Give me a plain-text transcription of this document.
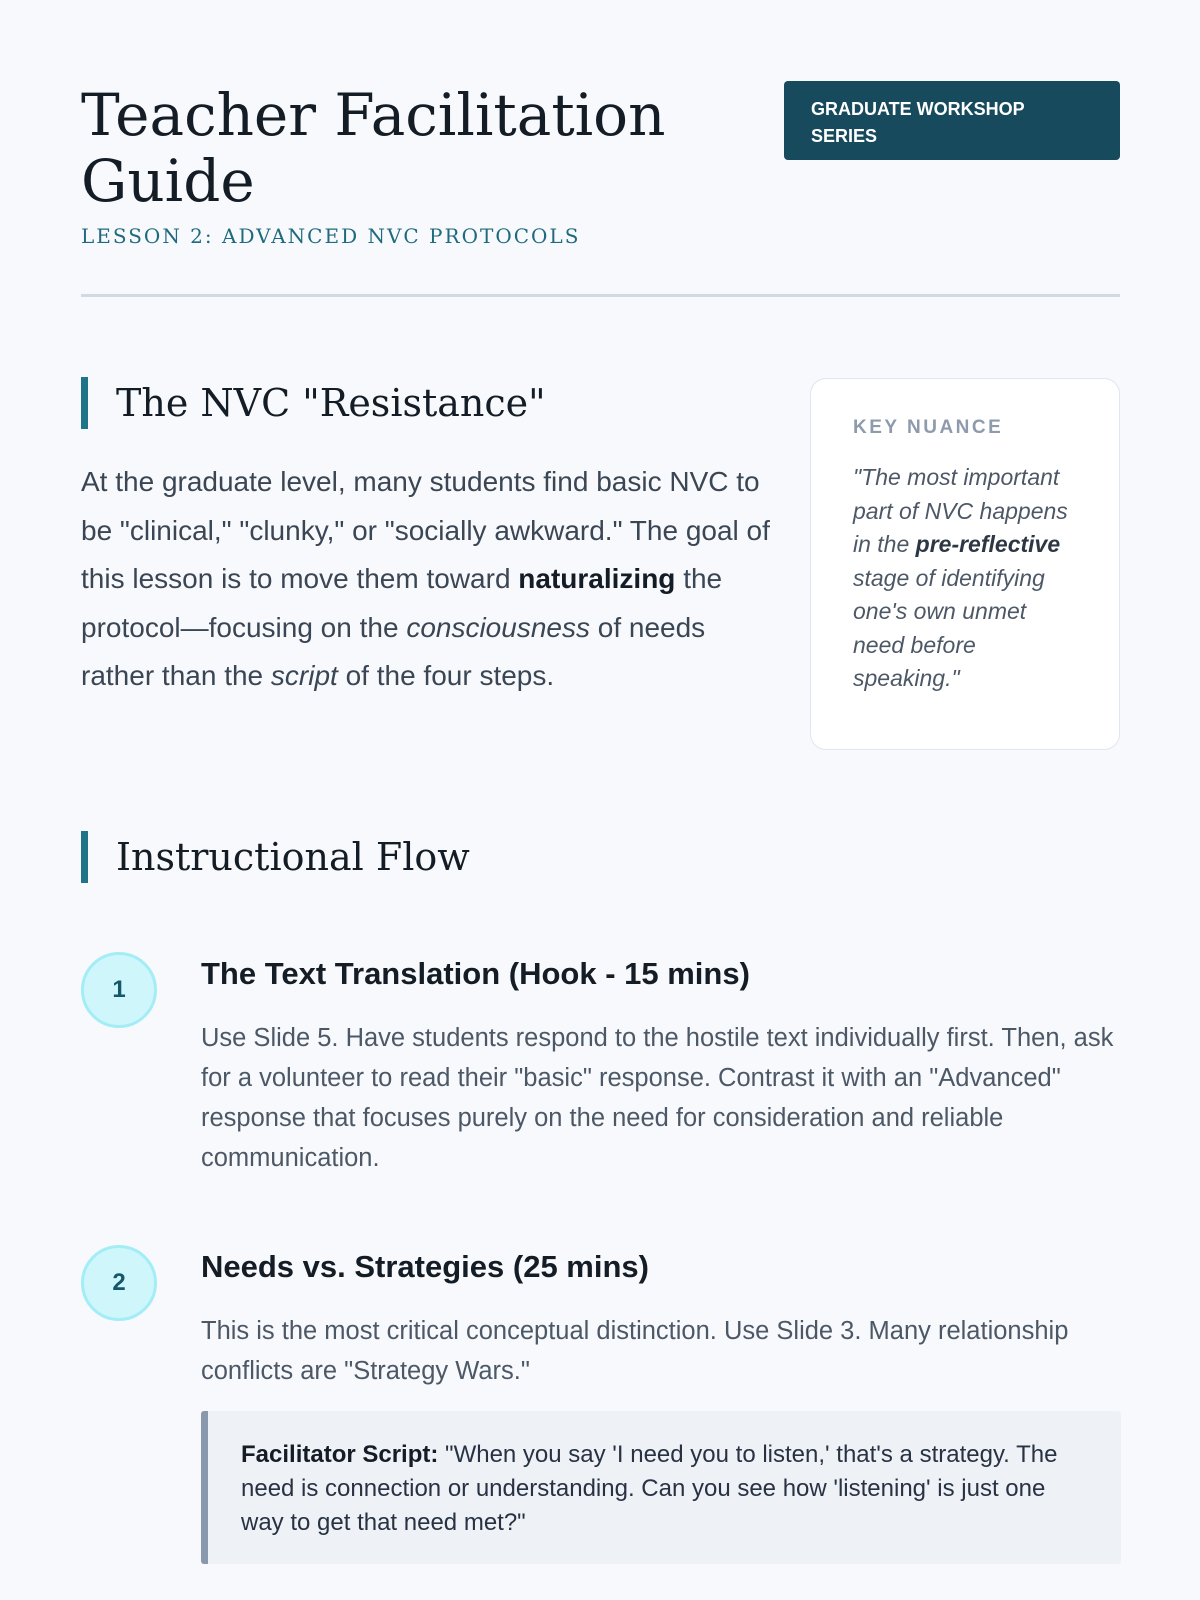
Teacher Facilitation Guide

LESSON 2: ADVANCED NVC PROTOCOLS

GRADUATE WORKSHOP SERIES
The NVC "Resistance"

At the graduate level, many students find basic NVC to be "clinical," "clunky," or "socially awkward." The goal of this lesson is to move them toward naturalizing the protocol—focusing on the consciousness of needs rather than the script of the four steps.

KEY NUANCE

"The most important part of NVC happens in the pre-reflective stage of identifying one's own unmet need before speaking."

Instructional Flow
1	The Text Translation (Hook - 15 mins)

Use Slide 5. Have students respond to the hostile text individually first. Then, ask for a volunteer to read their "basic" response. Contrast it with an "Advanced" response that focuses purely on the need for consideration and reliable communication.

2	Needs vs. Strategies (25 mins)

This is the most critical conceptual distinction. Use Slide 3. Many relationship conflicts are "Strategy Wars."

Facilitator Script: "When you say 'I need you to listen,' that's a strategy. The need is connection or understanding. Can you see how 'listening' is just one way to get that need met?"
